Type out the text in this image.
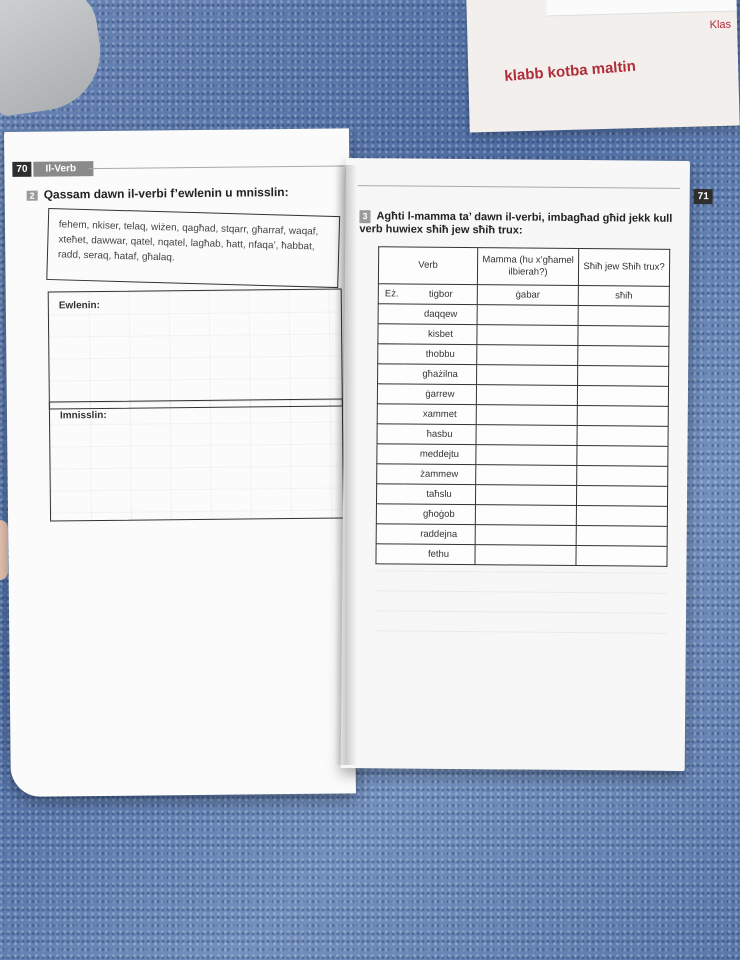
Klas
klabb kotba maltin
70	Il-Verb
2 Qassam dawn il-verbi f’ewlenin u mnisslin:
fehem, nkiser, telaq, wiżen, qagħad, stqarr, għarraf, waqaf, xteħet, dawwar, qatel, nqatel, lagħab, ħatt, nfaqa’, ħabbat, radd, seraq, ħataf, għalaq.
Ewlenin:
Imnisslin:
71
3 Agħti l-mamma ta’ dawn il-verbi, imbagħad għid jekk kull verb huwiex sħiħ jew sħiħ trux:
Verb		Mamma (hu x’għamel ilbierah?)	Sħiħ jew Sħiħ trux?
Eż.	tigbor	ġabar	sħiħ
	daqqew		
	kisbet		
	thobbu		
	għażilna		
	ġarrew		
	xammet		
	ħasbu		
	meddejtu		
	żammew		
	taħslu		
	għoġob		
	raddejna		
	fethu		
